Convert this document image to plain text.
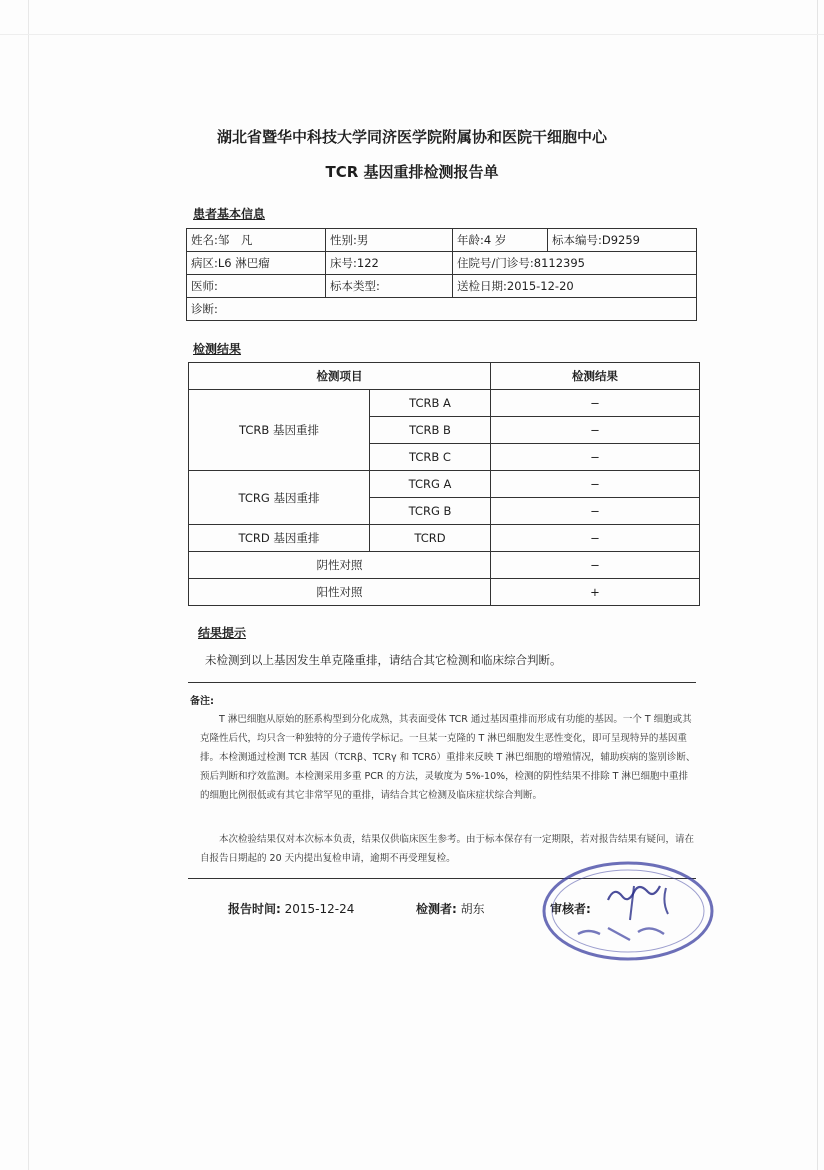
湖北省暨华中科技大学同济医学院附属协和医院干细胞中心
TCR 基因重排检测报告单
患者基本信息
姓名:邹　凡	性别:男	年龄:4 岁	标本编号:D9259
病区:L6 淋巴瘤	床号:122	住院号/门诊号:8112395	
医师:	标本类型:	送检日期:2015-12-20	
诊断:			
检测结果
检测项目		检测结果
TCRB 基因重排	TCRB A	−
	TCRB B	−
	TCRB C	−
TCRG 基因重排	TCRG A	−
	TCRG B	−
TCRD 基因重排	TCRD	−
阴性对照		−
阳性对照		+
结果提示
未检测到以上基因发生单克隆重排，请结合其它检测和临床综合判断。
备注:
T 淋巴细胞从原始的胚系构型到分化成熟，其表面受体 TCR 通过基因重排而形成有功能的基因。一个 T 细胞或其克隆性后代，均只含一种独特的分子遗传学标记。一旦某一克隆的 T 淋巴细胞发生恶性变化，即可呈现特异的基因重排。本检测通过检测 TCR 基因（TCRβ、TCRγ 和 TCRδ）重排来反映 T 淋巴细胞的增殖情况，辅助疾病的鉴别诊断、预后判断和疗效监测。本检测采用多重 PCR 的方法，灵敏度为 5%-10%，检测的阴性结果不排除 T 淋巴细胞中重排的细胞比例很低或有其它非常罕见的重排，请结合其它检测及临床症状综合判断。
本次检验结果仅对本次标本负责，结果仅供临床医生参考。由于标本保存有一定期限，若对报告结果有疑问，请在自报告日期起的 20 天内提出复检申请，逾期不再受理复检。
报告时间: 2015-12-24	检测者: 胡东	审核者:
